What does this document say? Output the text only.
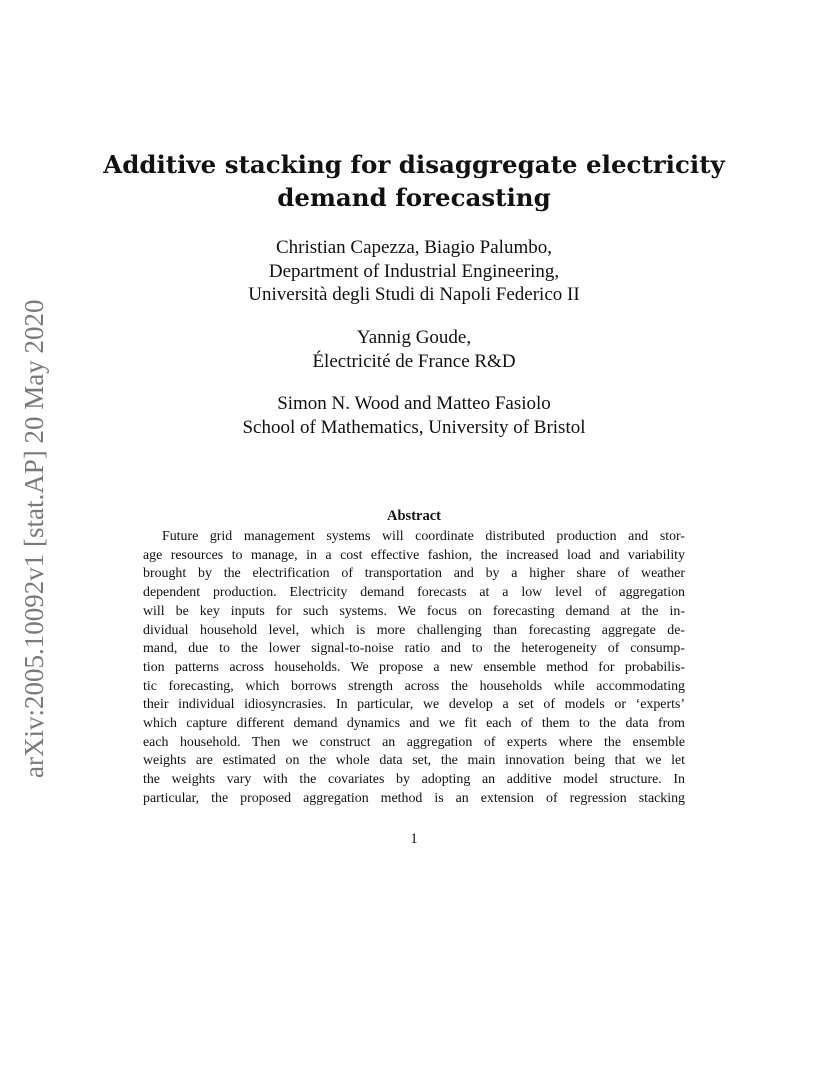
arXiv:2005.10092v1 [stat.AP] 20 May 2020
Additive stacking for disaggregate electricity
demand forecasting
Christian Capezza, Biagio Palumbo,
Department of Industrial Engineering,
Università degli Studi di Napoli Federico II
Yannig Goude,
Électricité de France R&D
Simon N. Wood and Matteo Fasiolo
School of Mathematics, University of Bristol
Abstract
Future grid management systems will coordinate distributed production and stor-
age resources to manage, in a cost effective fashion, the increased load and variability
brought by the electrification of transportation and by a higher share of weather
dependent production. Electricity demand forecasts at a low level of aggregation
will be key inputs for such systems. We focus on forecasting demand at the in-
dividual household level, which is more challenging than forecasting aggregate de-
mand, due to the lower signal-to-noise ratio and to the heterogeneity of consump-
tion patterns across households. We propose a new ensemble method for probabilis-
tic forecasting, which borrows strength across the households while accommodating
their individual idiosyncrasies. In particular, we develop a set of models or ‘experts’
which capture different demand dynamics and we fit each of them to the data from
each household. Then we construct an aggregation of experts where the ensemble
weights are estimated on the whole data set, the main innovation being that we let
the weights vary with the covariates by adopting an additive model structure. In
particular, the proposed aggregation method is an extension of regression stacking
1
